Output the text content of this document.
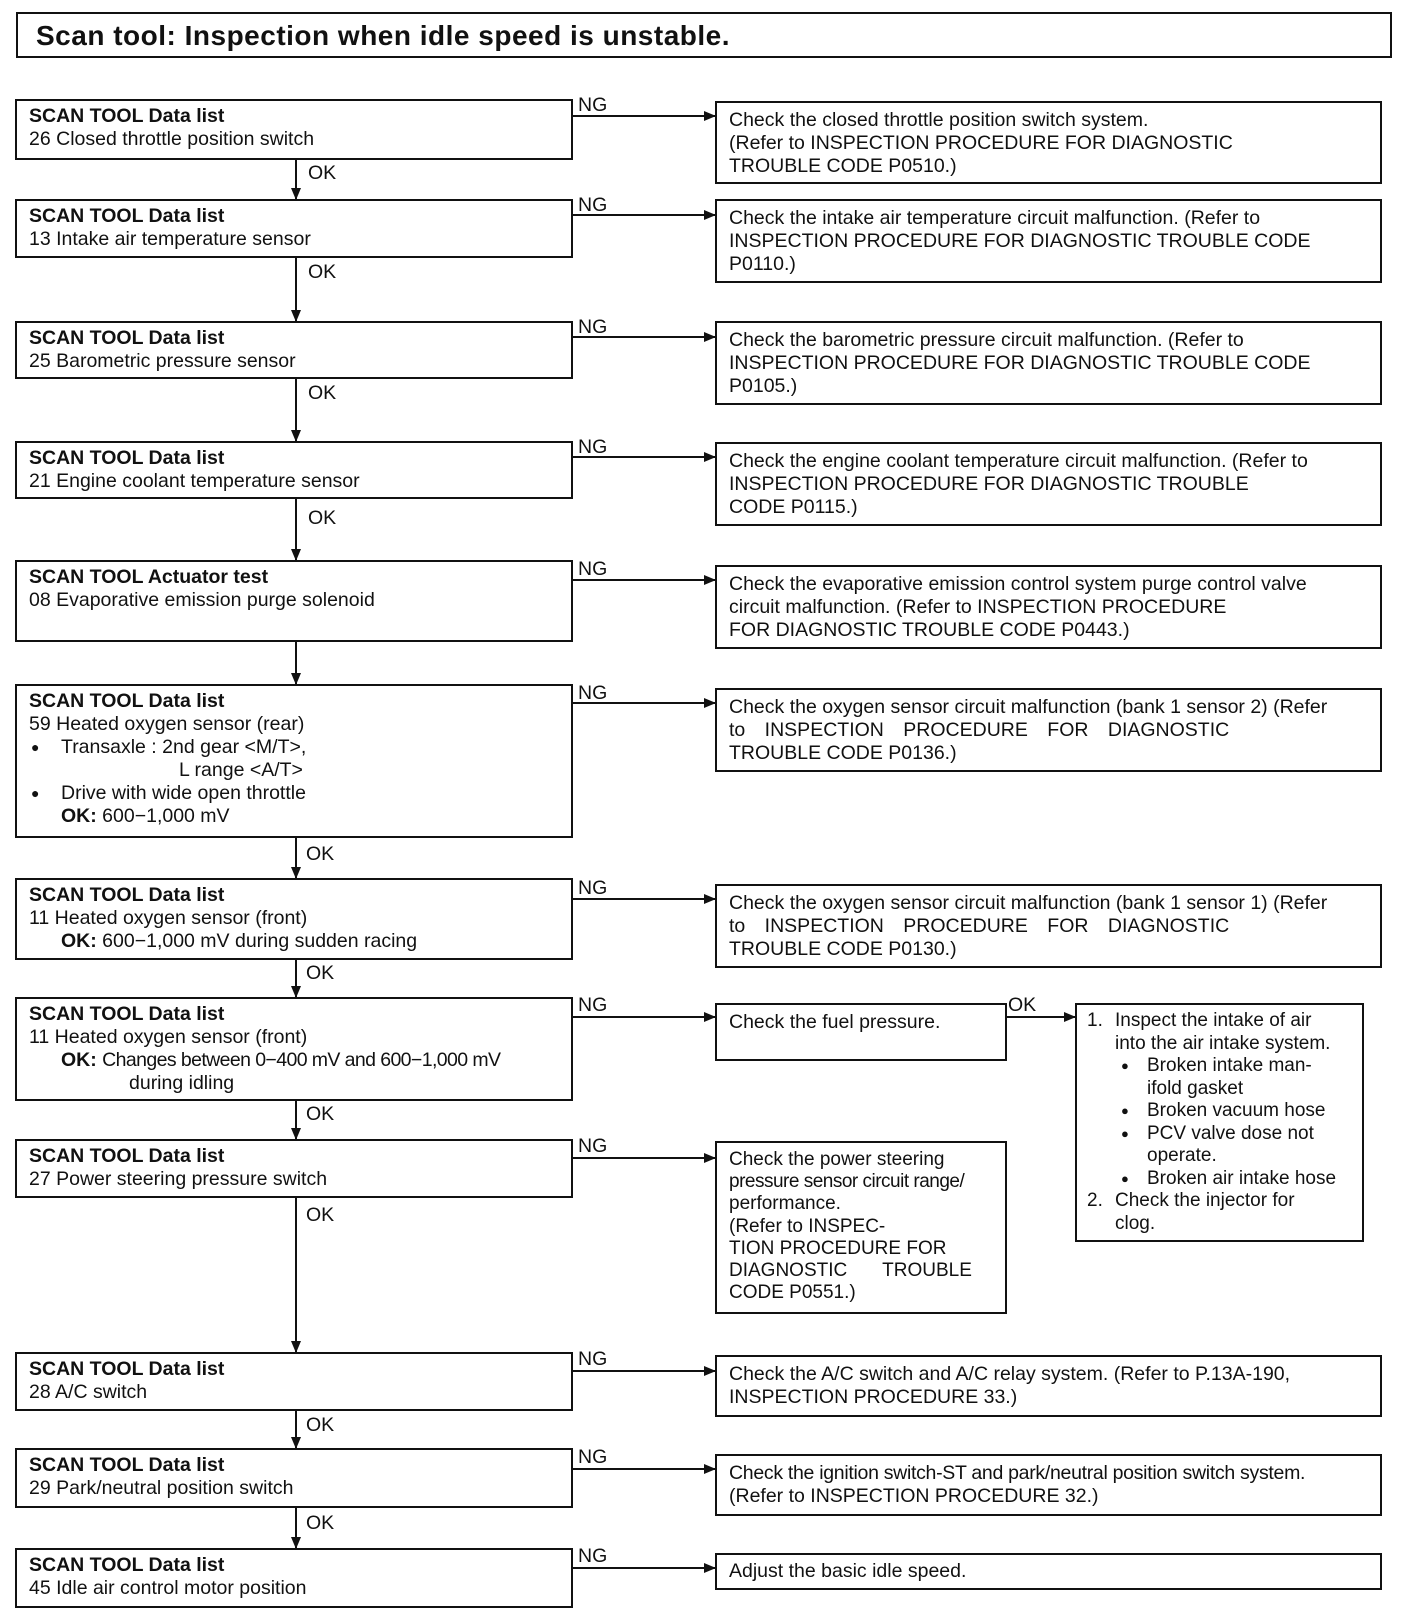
Scan tool: Inspection when idle speed is unstable.
SCAN TOOL Data list
26 Closed throttle position switch
NG
Check the closed throttle position switch system.
(Refer to INSPECTION PROCEDURE FOR DIAGNOSTIC
TROUBLE CODE P0510.)
OK
SCAN TOOL Data list
13 Intake air temperature sensor
NG
Check the intake air temperature circuit malfunction. (Refer to
INSPECTION PROCEDURE FOR DIAGNOSTIC TROUBLE CODE
P0110.)
OK
SCAN TOOL Data list
25 Barometric pressure sensor
NG
Check the barometric pressure circuit malfunction. (Refer to
INSPECTION PROCEDURE FOR DIAGNOSTIC TROUBLE CODE
P0105.)
OK
SCAN TOOL Data list
21 Engine coolant temperature sensor
NG
Check the engine coolant temperature circuit malfunction. (Refer to
INSPECTION PROCEDURE FOR DIAGNOSTIC TROUBLE
CODE P0115.)
OK
SCAN TOOL Actuator test
08 Evaporative emission purge solenoid
NG
Check the evaporative emission control system purge control valve
circuit malfunction. (Refer to INSPECTION PROCEDURE
FOR DIAGNOSTIC TROUBLE CODE P0443.)
SCAN TOOL Data list
59 Heated oxygen sensor (rear)
● Transaxle : 2nd gear <M/T>,
L range <A/T>
● Drive with wide open throttle
OK: 600−1,000 mV
NG
Check the oxygen sensor circuit malfunction (bank 1 sensor 2) (Refer
to INSPECTION PROCEDURE FOR DIAGNOSTIC
TROUBLE CODE P0136.)
OK
SCAN TOOL Data list
11 Heated oxygen sensor (front)
OK: 600−1,000 mV during sudden racing
NG
Check the oxygen sensor circuit malfunction (bank 1 sensor 1) (Refer
to INSPECTION PROCEDURE FOR DIAGNOSTIC
TROUBLE CODE P0130.)
OK
SCAN TOOL Data list
11 Heated oxygen sensor (front)
OK: Changes between 0−400 mV and 600−1,000 mV
during idling
NG
Check the fuel pressure.
OK
1. Inspect the intake of air
into the air intake system.
● Broken intake man-
ifold gasket
● Broken vacuum hose
● PCV valve dose not
operate.
● Broken air intake hose
2. Check the injector for
clog.
OK
SCAN TOOL Data list
27 Power steering pressure switch
NG
Check the power steering
pressure sensor circuit range/
performance.
(Refer to INSPEC-
TION PROCEDURE FOR
DIAGNOSTIC TROUBLE
CODE P0551.)
OK
SCAN TOOL Data list
28 A/C switch
NG
Check the A/C switch and A/C relay system. (Refer to P.13A-190,
INSPECTION PROCEDURE 33.)
OK
SCAN TOOL Data list
29 Park/neutral position switch
NG
Check the ignition switch-ST and park/neutral position switch system.
(Refer to INSPECTION PROCEDURE 32.)
OK
SCAN TOOL Data list
45 Idle air control motor position
NG
Adjust the basic idle speed.
